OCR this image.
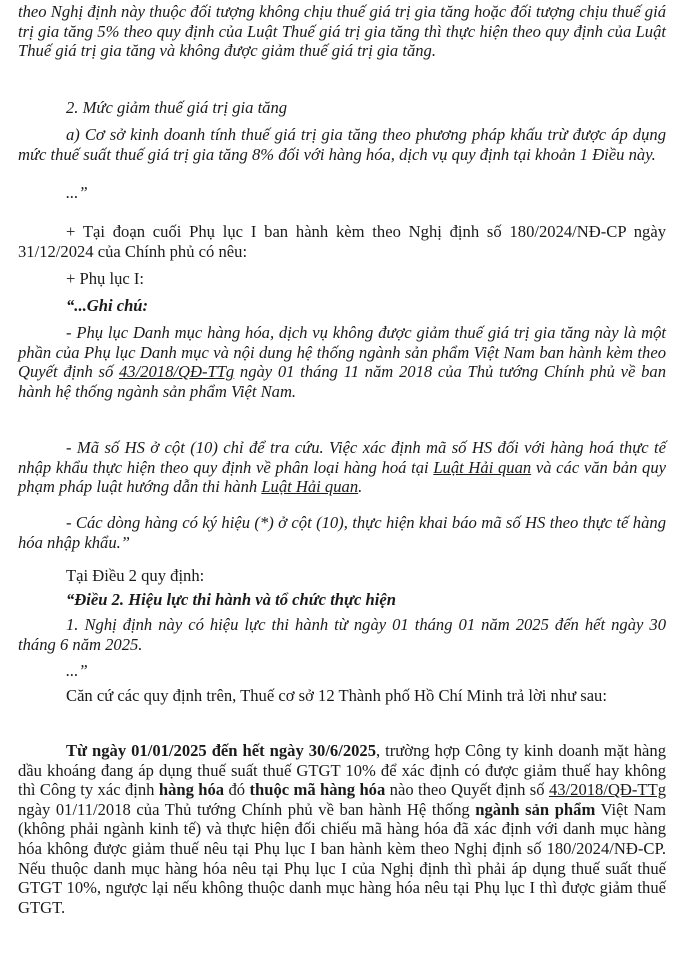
theo Nghị định này thuộc đối tượng không chịu thuế giá trị gia tăng hoặc đối tượng chịu thuế giá trị gia tăng 5% theo quy định của Luật Thuế giá trị gia tăng thì thực hiện theo quy định của Luật Thuế giá trị gia tăng và không được giảm thuế giá trị gia tăng.

2. Mức giảm thuế giá trị gia tăng

a) Cơ sở kinh doanh tính thuế giá trị gia tăng theo phương pháp khấu trừ được áp dụng mức thuế suất thuế giá trị gia tăng 8% đối với hàng hóa, dịch vụ quy định tại khoản 1 Điều này.

...”

+ Tại đoạn cuối Phụ lục I ban hành kèm theo Nghị định số 180/2024/NĐ-CP ngày 31/12/2024 của Chính phủ có nêu:

+ Phụ lục I:

“...Ghi chú:

- Phụ lục Danh mục hàng hóa, dịch vụ không được giảm thuế giá trị gia tăng này là một phần của Phụ lục Danh mục và nội dung hệ thống ngành sản phẩm Việt Nam ban hành kèm theo Quyết định số 43/2018/QĐ-TTg ngày 01 tháng 11 năm 2018 của Thủ tướng Chính phủ về ban hành hệ thống ngành sản phẩm Việt Nam.

- Mã số HS ở cột (10) chỉ để tra cứu. Việc xác định mã số HS đối với hàng hoá thực tế nhập khẩu thực hiện theo quy định về phân loại hàng hoá tại Luật Hải quan và các văn bản quy phạm pháp luật hướng dẫn thi hành Luật Hải quan.

- Các dòng hàng có ký hiệu (*) ở cột (10), thực hiện khai báo mã số HS theo thực tế hàng hóa nhập khẩu.”

Tại Điều 2 quy định:

“Điều 2. Hiệu lực thi hành và tổ chức thực hiện

1. Nghị định này có hiệu lực thi hành từ ngày 01 tháng 01 năm 2025 đến hết ngày 30 tháng 6 năm 2025.

...”

Căn cứ các quy định trên, Thuế cơ sở 12 Thành phố Hồ Chí Minh trả lời như sau:

Từ ngày 01/01/2025 đến hết ngày 30/6/2025, trường hợp Công ty kinh doanh mặt hàng dầu khoáng đang áp dụng thuế suất thuế GTGT 10% để xác định có được giảm thuế hay không thì Công ty xác định hàng hóa đó thuộc mã hàng hóa nào theo Quyết định số 43/2018/QĐ-TTg ngày 01/11/2018 của Thủ tướng Chính phủ về ban hành Hệ thống ngành sản phẩm Việt Nam (không phải ngành kinh tế) và thực hiện đối chiếu mã hàng hóa đã xác định với danh mục hàng hóa không được giảm thuế nêu tại Phụ lục I ban hành kèm theo Nghị định số 180/2024/NĐ-CP. Nếu thuộc danh mục hàng hóa nêu tại Phụ lục I của Nghị định thì phải áp dụng thuế suất thuế GTGT 10%, ngược lại nếu không thuộc danh mục hàng hóa nêu tại Phụ lục I thì được giảm thuế GTGT.
